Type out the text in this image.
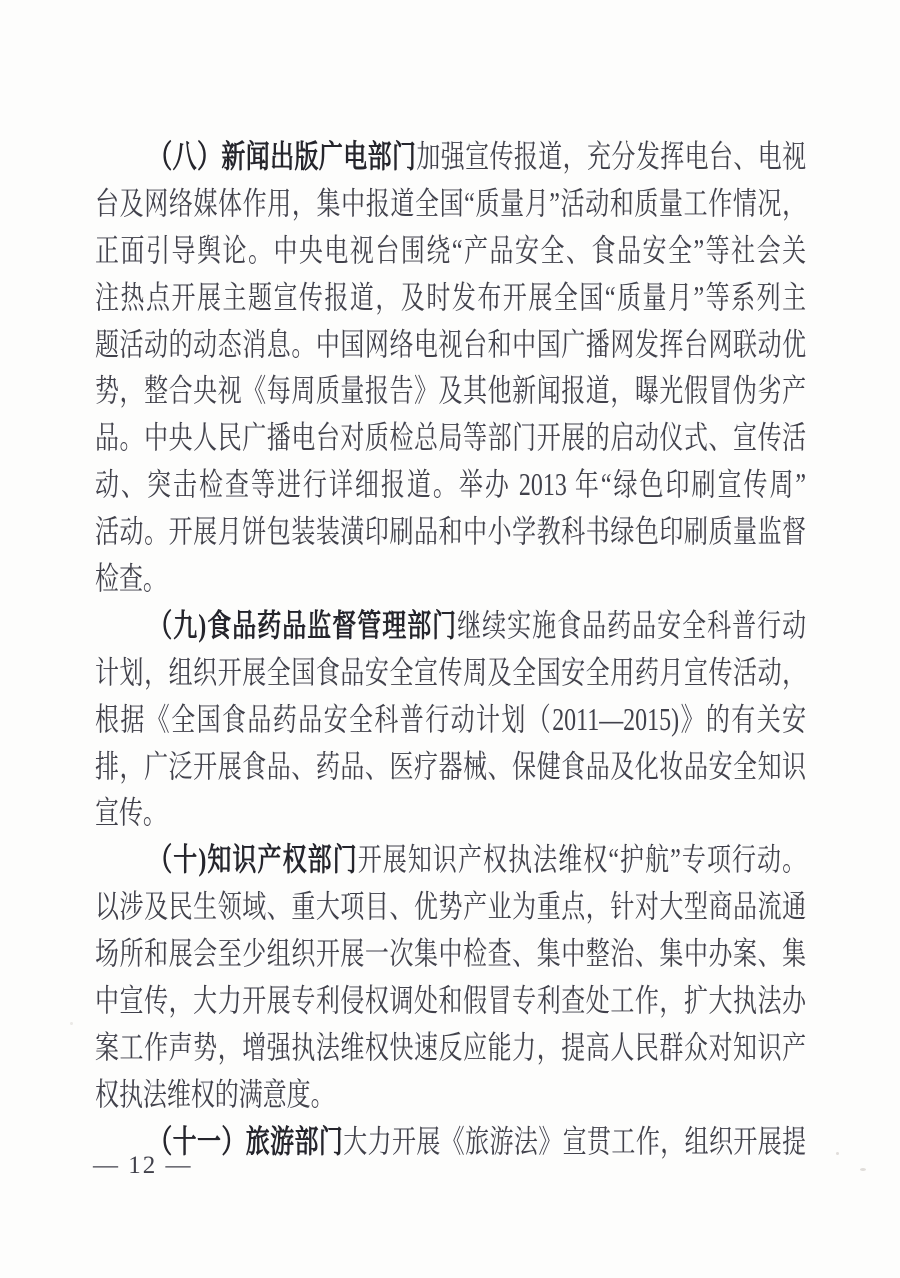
（八）新闻出版广电部门加强宣传报道，充分发挥电台、电视
台及网络媒体作用，集中报道全国“质量月”活动和质量工作情况，
正面引导舆论。中央电视台围绕“产品安全、食品安全”等社会关
注热点开展主题宣传报道，及时发布开展全国“质量月”等系列主
题活动的动态消息。中国网络电视台和中国广播网发挥台网联动优
势，整合央视《每周质量报告》及其他新闻报道，曝光假冒伪劣产
品。中央人民广播电台对质检总局等部门开展的启动仪式、宣传活
动、突击检查等进行详细报道。举办 2013 年“绿色印刷宣传周”
活动。开展月饼包装装潢印刷品和中小学教科书绿色印刷质量监督
检查。
（九)食品药品监督管理部门继续实施食品药品安全科普行动
计划，组织开展全国食品安全宣传周及全国安全用药月宣传活动，
根据《全国食品药品安全科普行动计划（2011—2015)》的有关安
排，广泛开展食品、药品、医疗器械、保健食品及化妆品安全知识
宣传。
（十)知识产权部门开展知识产权执法维权“护航”专项行动。
以涉及民生领域、重大项目、优势产业为重点，针对大型商品流通
场所和展会至少组织开展一次集中检查、集中整治、集中办案、集
中宣传，大力开展专利侵权调处和假冒专利查处工作，扩大执法办
案工作声势，增强执法维权快速反应能力，提高人民群众对知识产
权执法维权的满意度。
（十一）旅游部门大力开展《旅游法》宣贯工作，组织开展提
— 12 —
